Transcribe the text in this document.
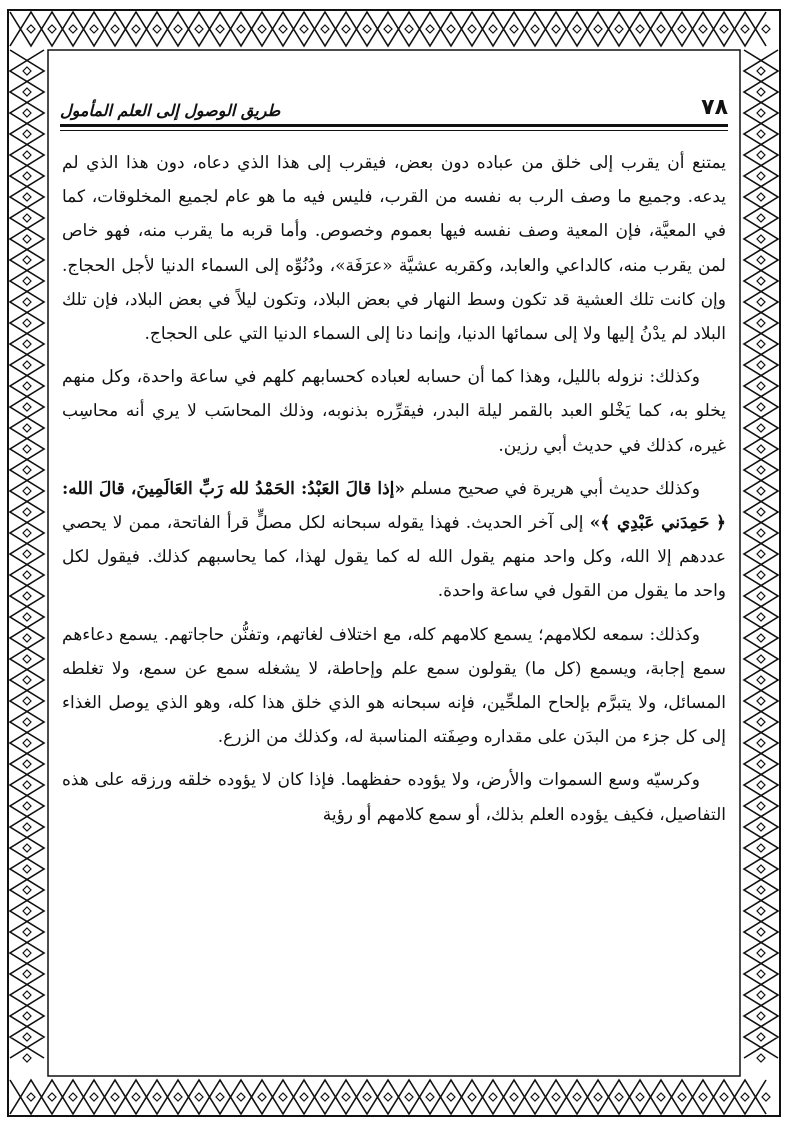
٧٨
طريق الوصول إلى العلم المأمول

يمتنع أن يقرب إلى خلق من عباده دون بعض، فيقرب إلى هذا الذي دعاه، دون هذا الذي لم يدعه. وجميع ما وصف الرب به نفسه من القرب، فليس فيه ما هو عام لجميع المخلوقات، كما في المعيَّة، فإن المعية وصف نفسه فيها بعموم وخصوص. وأما قربه ما يقرب منه، فهو خاص لمن يقرب منه، كالداعي والعابد، وكقربه عشيَّة «عرَفَة»، ودُنُوِّه إلى السماء الدنيا لأجل الحجاج. وإن كانت تلك العشية قد تكون وسط النهار في بعض البلاد، وتكون ليلاً في بعض البلاد، فإن تلك البلاد لم يدْنُ إليها ولا إلى سمائها الدنيا، وإنما دنا إلى السماء الدنيا التي على الحجاج.

وكذلك: نزوله بالليل، وهذا كما أن حسابه لعباده كحسابهم كلهم في ساعة واحدة، وكل منهم يخلو به، كما يَخْلو العبد بالقمر ليلة البدر، فيقرِّره بذنوبه، وذلك المحاسَب لا يري أنه محاسِب غيره، كذلك في حديث أبي رزين.

وكذلك حديث أبي هريرة في صحيح مسلم «إذا قالَ العَبْدُ: الحَمْدُ لله رَبِّ العَالَمِينَ، قالَ الله: ﴿ حَمِدَني عَبْدِي ﴾» إلى آخر الحديث. فهذا يقوله سبحانه لكل مصلٍّ قرأ الفاتحة، ممن لا يحصي عددهم إلا الله، وكل واحد منهم يقول الله له كما يقول لهذا، كما يحاسبهم كذلك. فيقول لكل واحد ما يقول من القول في ساعة واحدة.

وكذلك: سمعه لكلامهم؛ يسمع كلامهم كله، مع اختلاف لغاتهم، وتفنُّن حاجاتهم. يسمع دعاءهم سمع إجابة، ويسمع (كل ما) يقولون سمع علم وإحاطة، لا يشغله سمع عن سمع، ولا تغلطه المسائل، ولا يتبرَّم بإلحاح الملحِّين، فإنه سبحانه هو الذي خلق هذا كله، وهو الذي يوصل الغذاء إلى كل جزء من البدَن على مقداره وصِفَته المناسبة له، وكذلك من الزرع.

وكرسيّه وسع السموات والأرض، ولا يؤوده حفظهما. فإذا كان لا يؤوده خلقه ورزقه على هذه التفاصيل، فكيف يؤوده العلم بذلك، أو سمع كلامهم أو رؤية
